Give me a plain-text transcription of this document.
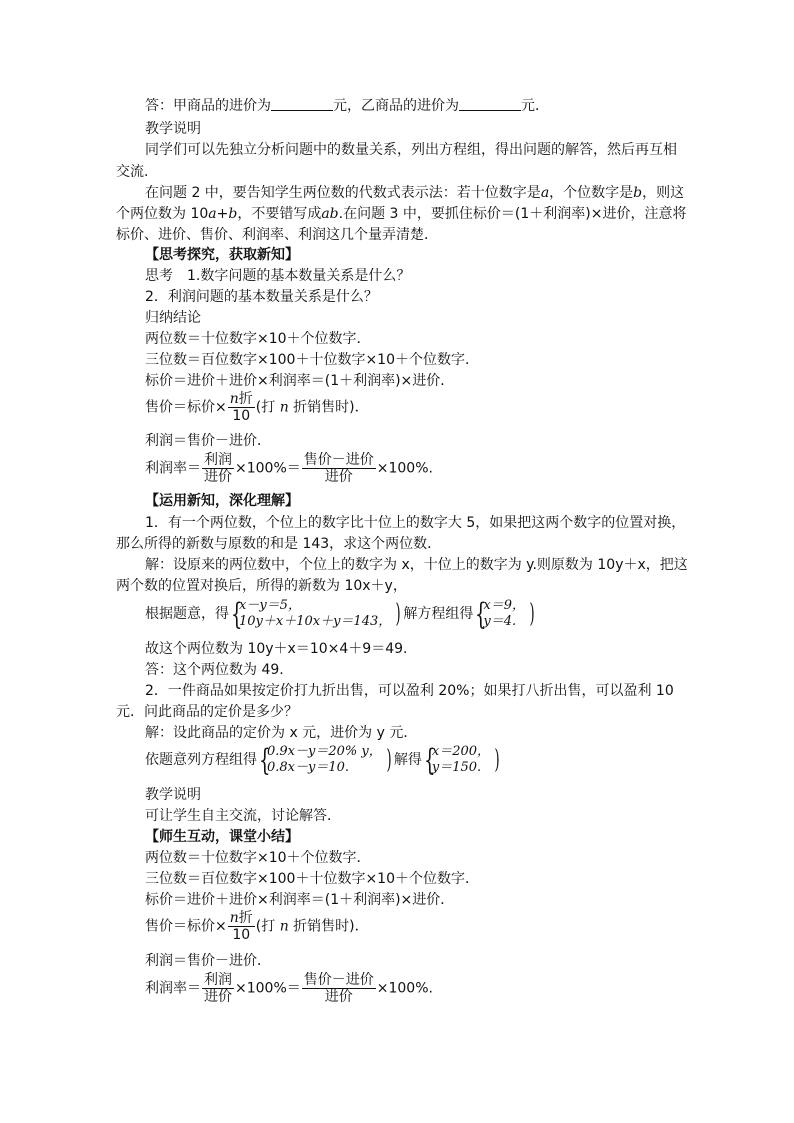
答：甲商品的进价为	元，乙商品的进价为	元．
教学说明
同学们可以先独立分析问题中的数量关系，列出方程组，得出问题的解答，然后再互相
交流.
在问题 2 中，要告知学生两位数的代数式表示法：若十位数字是a，个位数字是b，则这
个两位数为 10a+b，不要错写成ab.在问题 3 中，要抓住标价＝(1＋利润率)×进价，注意将
标价、进价、售价、利润率、利润这几个量弄清楚．
【思考探究，获取新知】
思考　1.数字问题的基本数量关系是什么？
2．利润问题的基本数量关系是什么？
归纳结论
两位数＝十位数字×10＋个位数字．
三位数＝百位数字×100＋十位数字×10＋个位数字．
标价＝进价＋进价×利润率＝(1＋利润率)×进价．
售价＝标价× $\frac{\text{n折}}{10}$ (打 n 折销售时)．
利润＝售价－进价．
利润率＝ $\frac{\text{利润}}{\text{进价}} \times 100\%= \frac{\text{售价－进价}}{\text{进价}} \times 100\%$.
【运用新知，深化理解】
1．有一个两位数，个位上的数字比十位上的数字大 5，如果把这两个数字的位置对换，
那么所得的新数与原数的和是 143，求这个两位数．
解：设原来的两位数中，个位上的数字为 x，十位上的数字为 y.则原数为 10y＋x，把这
两个数的位置对换后，所得的新数为 10x＋y，
根据题意，得 {
x－y＝5，
10y＋x＋10x＋y＝143， ) 解方程组得 {
x＝9，
y＝4. )
故这个两位数为 10y＋x＝10×4＋9＝49.
答：这个两位数为 49.
2．一件商品如果按定价打九折出售，可以盈利 20%；如果打八折出售，可以盈利 10
元．问此商品的定价是多少？
解：设此商品的定价为 x 元，进价为 y 元．
依题意列方程组得 {
0.9x－y＝20% y，
0.8x－y＝10.	) 解得 {
x＝200，
y＝150. )
教学说明
可让学生自主交流，讨论解答．
【师生互动，课堂小结】
两位数＝十位数字×10＋个位数字．
三位数＝百位数字×100＋十位数字×10＋个位数字．
标价＝进价＋进价×利润率＝(1＋利润率)×进价．
售价＝标价× $\frac{\text{n折}}{10}$ (打 n 折销售时)．
利润＝售价－进价．
利润率＝ $\frac{\text{利润}}{\text{进价}} \times 100\%= \frac{\text{售价－进价}}{\text{进价}} \times 100\%$.
